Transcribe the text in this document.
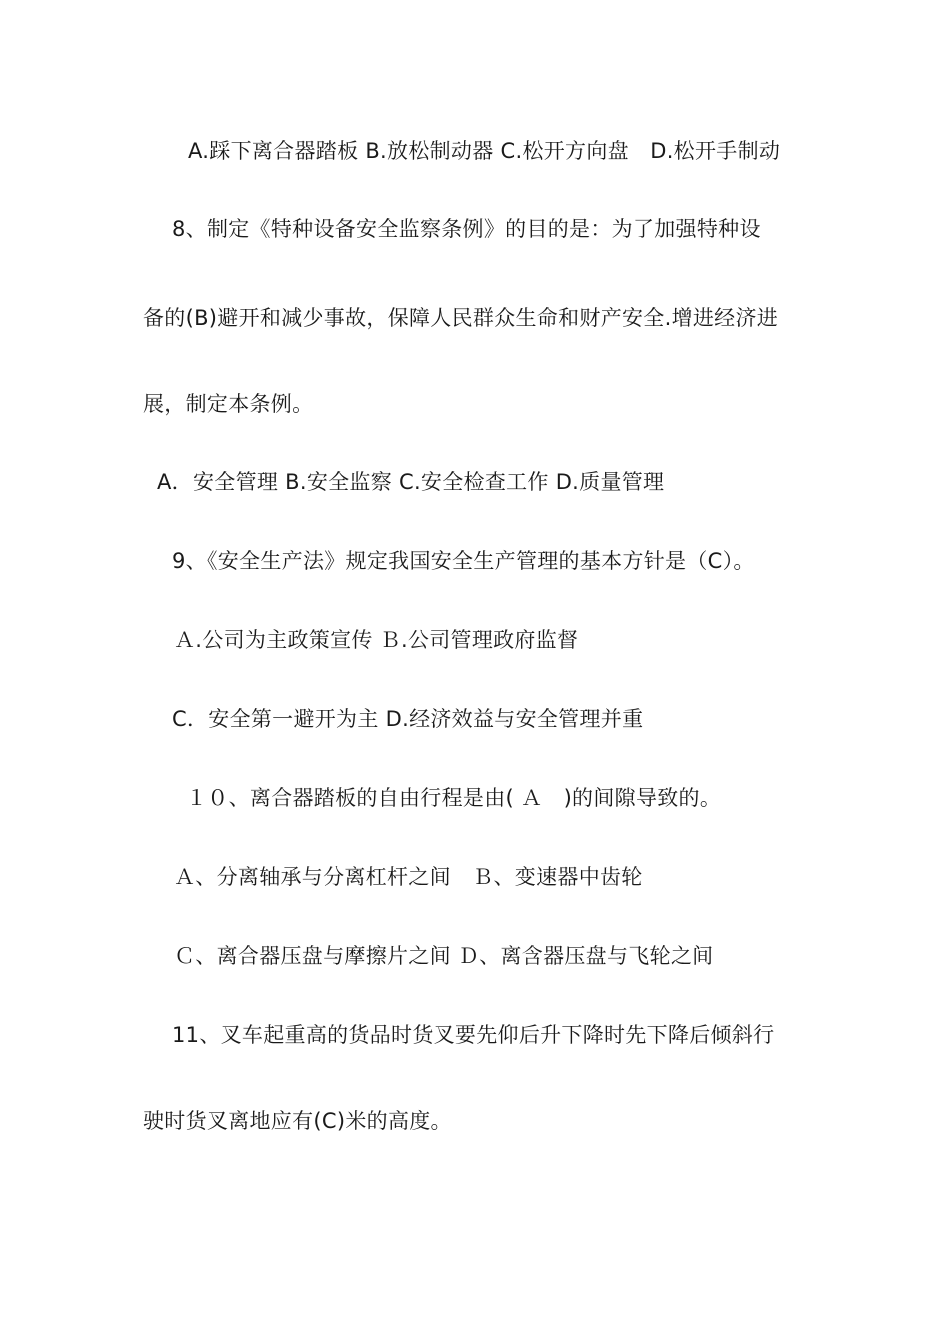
A.踩下离合器踏板 B.放松制动器 C.松开方向盘　D.松开手制动
8、制定《特种设备安全监察条例》的目的是：为了加强特种设
备的(B)避开和减少事故，保障人民群众生命和财产安全.增进经济进
展，制定本条例。
A．安全管理 B.安全监察 C.安全检查工作 D.质量管理
9、《安全生产法》规定我国安全生产管理的基本方针是（C）。
Ａ.公司为主政策宣传 Ｂ.公司管理政府监督
C．安全第一避开为主 D.经济效益与安全管理并重
１０、离合器踏板的自由行程是由( Ａ　)的间隙导致的。
Ａ、分离轴承与分离杠杆之间　Ｂ、变速器中齿轮
Ｃ、离合器压盘与摩擦片之间 Ｄ、离含器压盘与飞轮之间
11、叉车起重高的货品时货叉要先仰后升下降时先下降后倾斜行
驶时货叉离地应有(C)米的高度。
